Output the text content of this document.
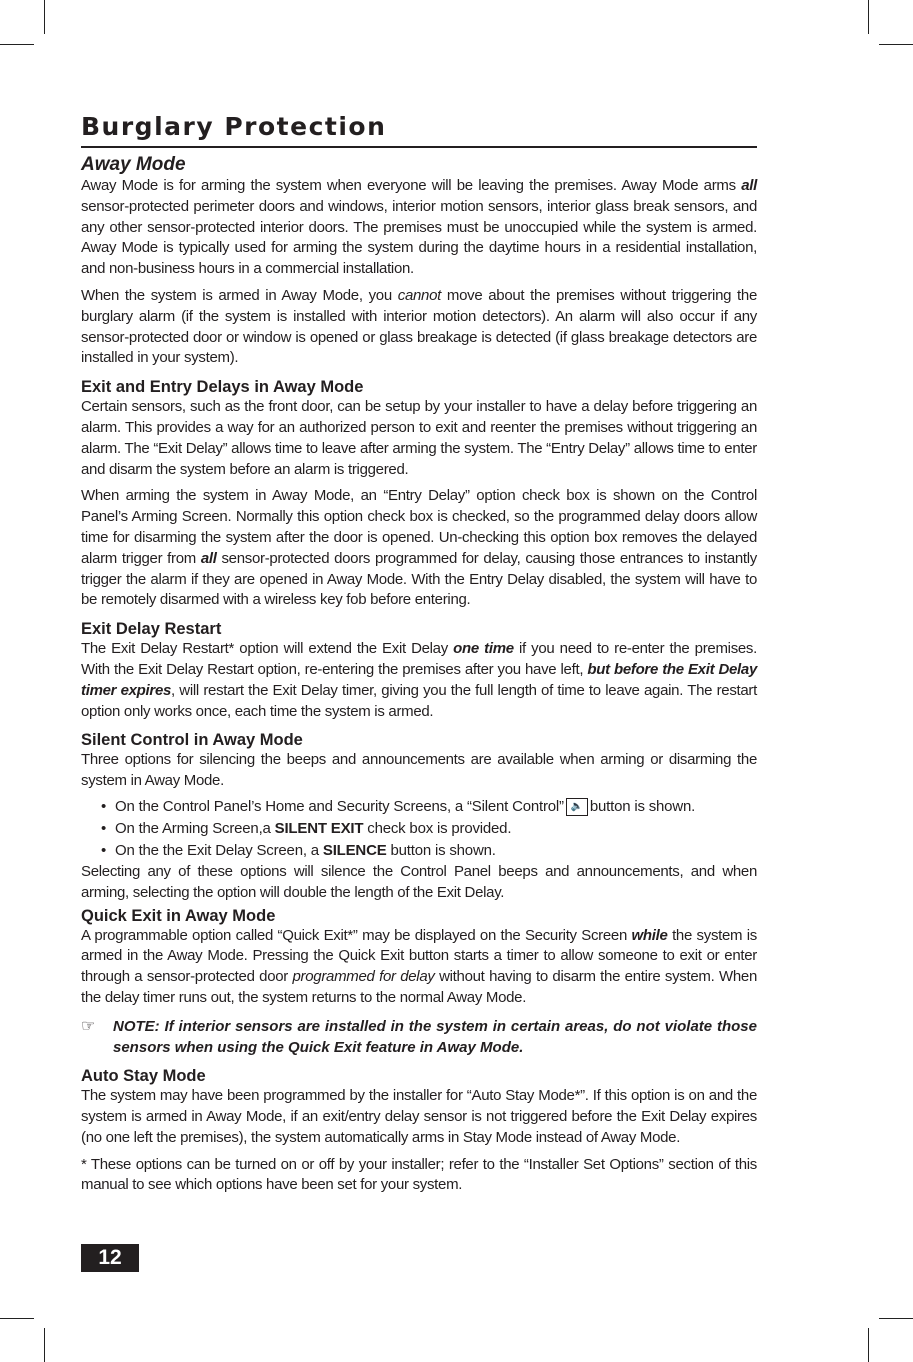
Burglary Protection
Away Mode

Away Mode is for arming the system when everyone will be leaving the premises. Away Mode arms all sensor-protected perimeter doors and windows, interior motion sensors, interior glass break sensors, and any other sensor-protected interior doors. The premises must be unoccupied while the system is armed. Away Mode is typically used for arming the system during the daytime hours in a residential installation, and non-business hours in a commercial installation.

When the system is armed in Away Mode, you cannot move about the premises without triggering the burglary alarm (if the system is installed with interior motion detectors). An alarm will also occur if any sensor-protected door or window is opened or glass breakage is detected (if glass breakage detectors are installed in your system).

Exit and Entry Delays in Away Mode

Certain sensors, such as the front door, can be setup by your installer to have a delay before triggering an alarm. This provides a way for an authorized person to exit and reenter the premises without triggering an alarm. The “Exit Delay” allows time to leave after arming the system. The “Entry Delay” allows time to enter and disarm the system before an alarm is triggered.

When arming the system in Away Mode, an “Entry Delay” option check box is shown on the Control Panel’s Arming Screen. Normally this option check box is checked, so the programmed delay doors allow time for disarming the system after the door is opened. Un-checking this option box removes the delayed alarm trigger from all sensor-protected doors programmed for delay, causing those entrances to instantly trigger the alarm if they are opened in Away Mode. With the Entry Delay disabled, the system will have to be remotely disarmed with a wireless key fob before entering.

Exit Delay Restart

The Exit Delay Restart* option will extend the Exit Delay one time if you need to re-enter the premises. With the Exit Delay Restart option, re-entering the premises after you have left, but before the Exit Delay timer expires, will restart the Exit Delay timer, giving you the full length of time to leave again. The restart option only works once, each time the system is armed.

Silent Control in Away Mode

Three options for silencing the beeps and announcements are available when arming or disarming the system in Away Mode.

• On the Control Panel’s Home and Security Screens, a “Silent Control” 🔈 button is shown.
• On the Arming Screen,a SILENT EXIT check box is provided.
• On the the Exit Delay Screen, a SILENCE button is shown.

Selecting any of these options will silence the Control Panel beeps and announcements, and when arming, selecting the option will double the length of the Exit Delay.

Quick Exit in Away Mode

A programmable option called “Quick Exit*” may be displayed on the Security Screen while the system is armed in the Away Mode. Pressing the Quick Exit button starts a timer to allow someone to exit or enter through a sensor-protected door programmed for delay without having to disarm the entire system. When the delay timer runs out, the system returns to the normal Away Mode.

☞	NOTE: If interior sensors are installed in the system in certain areas, do not violate those sensors when using the Quick Exit feature in Away Mode.
Auto Stay Mode

The system may have been programmed by the installer for “Auto Stay Mode*”. If this option is on and the system is armed in Away Mode, if an exit/entry delay sensor is not triggered before the Exit Delay expires (no one left the premises), the system automatically arms in Stay Mode instead of Away Mode.

* These options can be turned on or off by your installer; refer to the “Installer Set Options” section of this manual to see which options have been set for your system.

12
